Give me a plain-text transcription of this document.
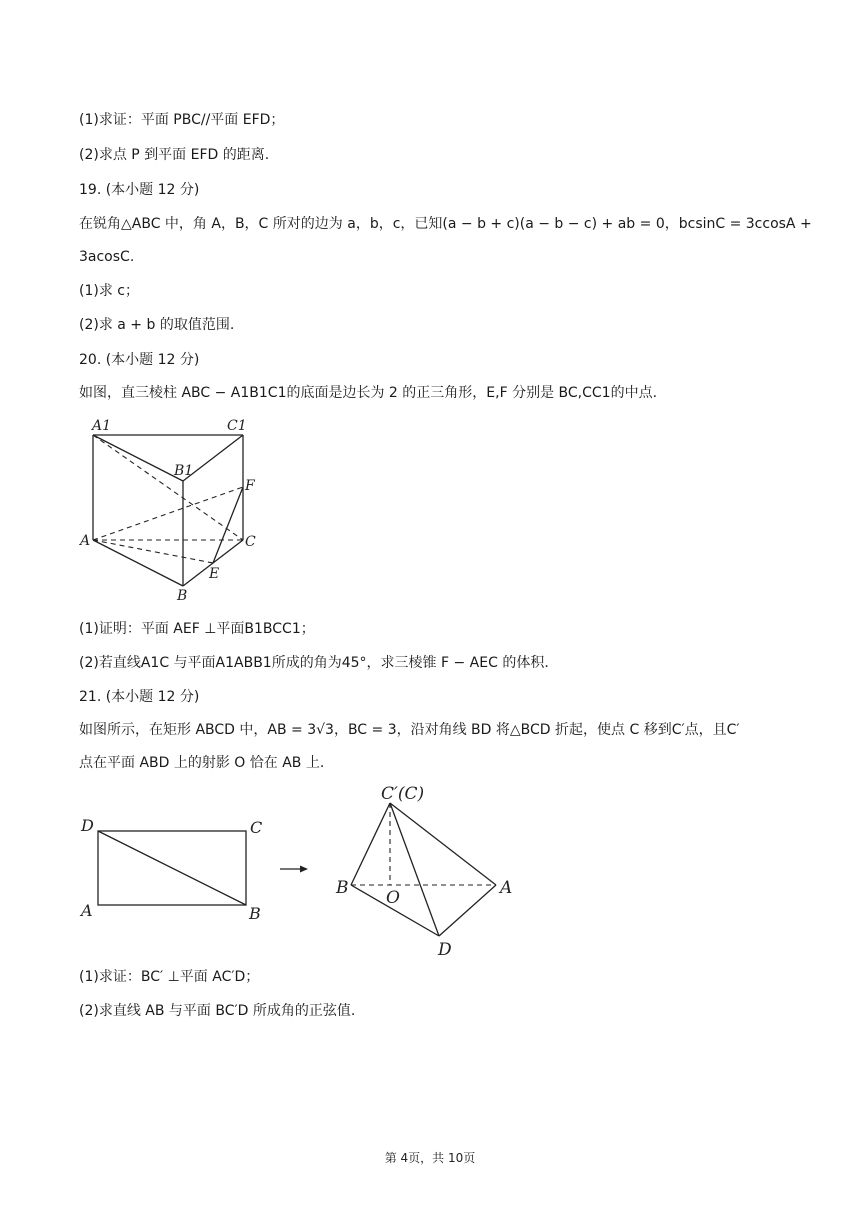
(1)求证：平面 PBC//平面 EFD；
(2)求点 P 到平面 EFD 的距离.
19. (本小题 12 分)
在锐角△ABC 中，角 A，B，C 所对的边为 a，b，c，已知(a − b + c)(a − b − c) + ab = 0，bcsinC = 3ccosA +
3acosC.
(1)求 c；
(2)求 a + b 的取值范围.
20. (本小题 12 分)
如图，直三棱柱 ABC − A1B1C1的底面是边长为 2 的正三角形，E,F 分别是 BC,CC1的中点.
A1	C1
B1
F
A	C
E
B
(1)证明：平面 AEF ⊥平面B1BCC1；
(2)若直线A1C 与平面A1ABB1所成的角为45°，求三棱锥 F − AEC 的体积.
21. (本小题 12 分)
如图所示，在矩形 ABCD 中，AB = 3√3，BC = 3，沿对角线 BD 将△BCD 折起，使点 C 移到C′点，且C′
点在平面 ABD 上的射影 O 恰在 AB 上.
D	C
A	B
C′(C)
B O	A
D
(1)求证：BC′ ⊥平面 AC′D；
(2)求直线 AB 与平面 BC′D 所成角的正弦值.
第 4页，共 10页
